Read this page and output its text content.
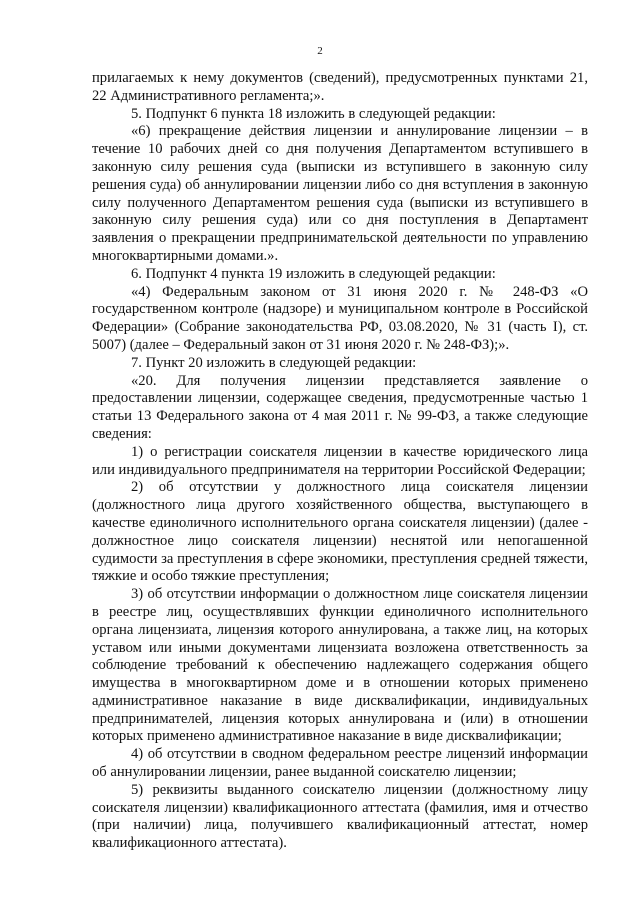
2

прилагаемых к нему документов (сведений), предусмотренных пунктами 21, 22 Административного регламента;».

5. Подпункт 6 пункта 18 изложить в следующей редакции:

«6) прекращение действия лицензии и аннулирование лицензии – в течение 10 рабочих дней со дня получения Департаментом вступившего в законную силу решения суда (выписки из вступившего в законную силу решения суда) об аннулировании лицензии либо со дня вступления в законную силу полученного Департаментом решения суда (выписки из вступившего в законную силу решения суда) или со дня поступления в Департамент заявления о прекращении предпринимательской деятельности по управлению многоквартирными домами.».

6. Подпункт 4 пункта 19 изложить в следующей редакции:

«4) Федеральным законом от 31 июня 2020 г. № 248-ФЗ «О государственном контроле (надзоре) и муниципальном контроле в Российской Федерации» (Собрание законодательства РФ, 03.08.2020, № 31 (часть I), ст. 5007) (далее – Федеральный закон от 31 июня 2020 г. № 248-ФЗ);».

7. Пункт 20 изложить в следующей редакции:

«20. Для получения лицензии представляется заявление о предоставлении лицензии, содержащее сведения, предусмотренные частью 1 статьи 13 Федерального закона от 4 мая 2011 г. № 99-ФЗ, а также следующие сведения:

1) о регистрации соискателя лицензии в качестве юридического лица или индивидуального предпринимателя на территории Российской Федерации;

2) об отсутствии у должностного лица соискателя лицензии (должностного лица другого хозяйственного общества, выступающего в качестве единоличного исполнительного органа соискателя лицензии) (далее - должностное лицо соискателя лицензии) неснятой или непогашенной судимости за преступления в сфере экономики, преступления средней тяжести, тяжкие и особо тяжкие преступления;

3) об отсутствии информации о должностном лице соискателя лицензии в реестре лиц, осуществлявших функции единоличного исполнительного органа лицензиата, лицензия которого аннулирована, а также лиц, на которых уставом или иными документами лицензиата возложена ответственность за соблюдение требований к обеспечению надлежащего содержания общего имущества в многоквартирном доме и в отношении которых применено административное наказание в виде дисквалификации, индивидуальных предпринимателей, лицензия которых аннулирована и (или) в отношении которых применено административное наказание в виде дисквалификации;

4) об отсутствии в сводном федеральном реестре лицензий информации об аннулировании лицензии, ранее выданной соискателю лицензии;

5) реквизиты выданного соискателю лицензии (должностному лицу соискателя лицензии) квалификационного аттестата (фамилия, имя и отчество (при наличии) лица, получившего квалификационный аттестат, номер квалификационного аттестата).
